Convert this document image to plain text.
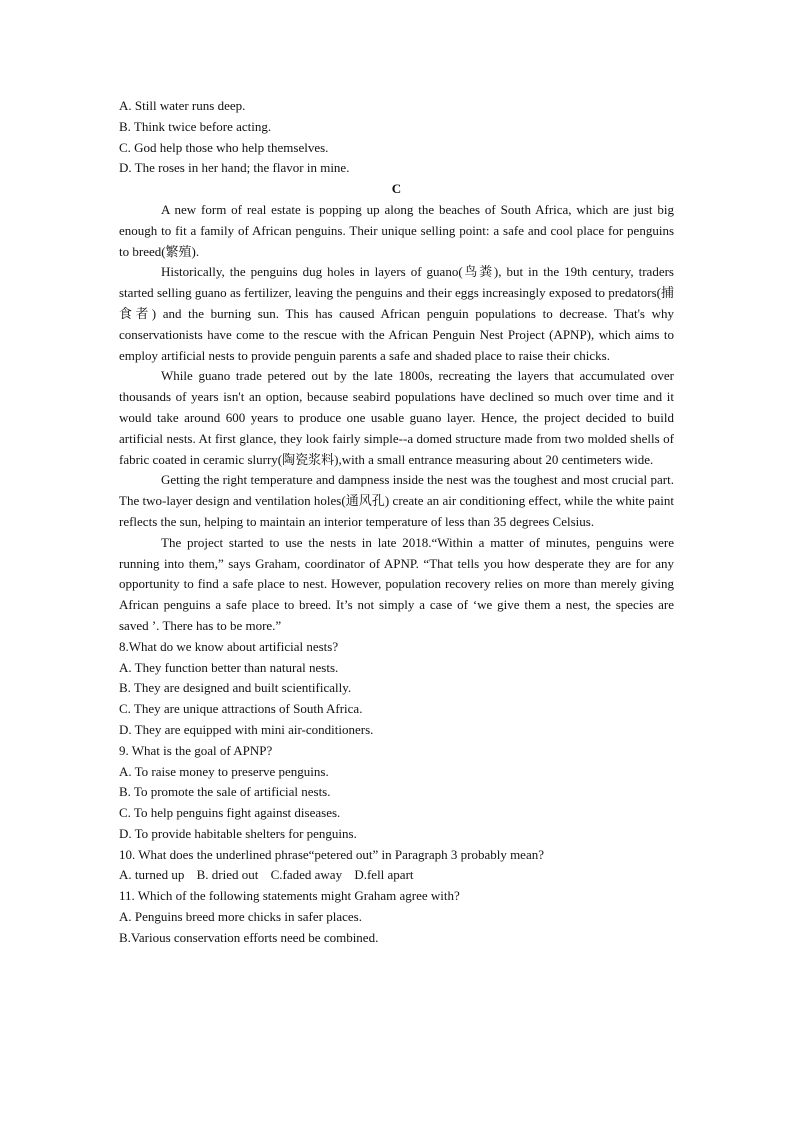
A. Still water runs deep.

B. Think twice before acting.

C. God help those who help themselves.

D. The roses in her hand; the flavor in mine.

C

A new form of real estate is popping up along the beaches of South Africa, which are just big enough to fit a family of African penguins. Their unique selling point: a safe and cool place for penguins to breed(繁殖).

Historically, the penguins dug holes in layers of guano(鸟粪), but in the 19th century, traders started selling guano as fertilizer, leaving the penguins and their eggs increasingly exposed to predators(捕食者) and the burning sun. This has caused African penguin populations to decrease. That's why conservationists have come to the rescue with the African Penguin Nest Project (APNP), which aims to employ artificial nests to provide penguin parents a safe and shaded place to raise their chicks.

While guano trade petered out by the late 1800s, recreating the layers that accumulated over thousands of years isn't an option, because seabird populations have declined so much over time and it would take around 600 years to produce one usable guano layer. Hence, the project decided to build artificial nests. At first glance, they look fairly simple--a domed structure made from two molded shells of fabric coated in ceramic slurry(陶瓷浆料),with a small entrance measuring about 20 centimeters wide.

Getting the right temperature and dampness inside the nest was the toughest and most crucial part. The two-layer design and ventilation holes(通风孔) create an air conditioning effect, while the white paint reflects the sun, helping to maintain an interior temperature of less than 35 degrees Celsius.

The project started to use the nests in late 2018.“Within a matter of minutes, penguins were running into them,” says Graham, coordinator of APNP. “That tells you how desperate they are for any opportunity to find a safe place to nest. However, population recovery relies on more than merely giving African penguins a safe place to breed. It’s not simply a case of ‘we give them a nest, the species are saved ’. There has to be more.”

8.What do we know about artificial nests?

A. They function better than natural nests.

B. They are designed and built scientifically.

C. They are unique attractions of South Africa.

D. They are equipped with mini air-conditioners.

9. What is the goal of APNP?

A. To raise money to preserve penguins.

B. To promote the sale of artificial nests.

C. To help penguins fight against diseases.

D. To provide habitable shelters for penguins.

10. What does the underlined phrase“petered out” in Paragraph 3 probably mean?

A. turned up B. dried out C.faded away D.fell apart

11. Which of the following statements might Graham agree with?

A. Penguins breed more chicks in safer places.

B.Various conservation efforts need be combined.
